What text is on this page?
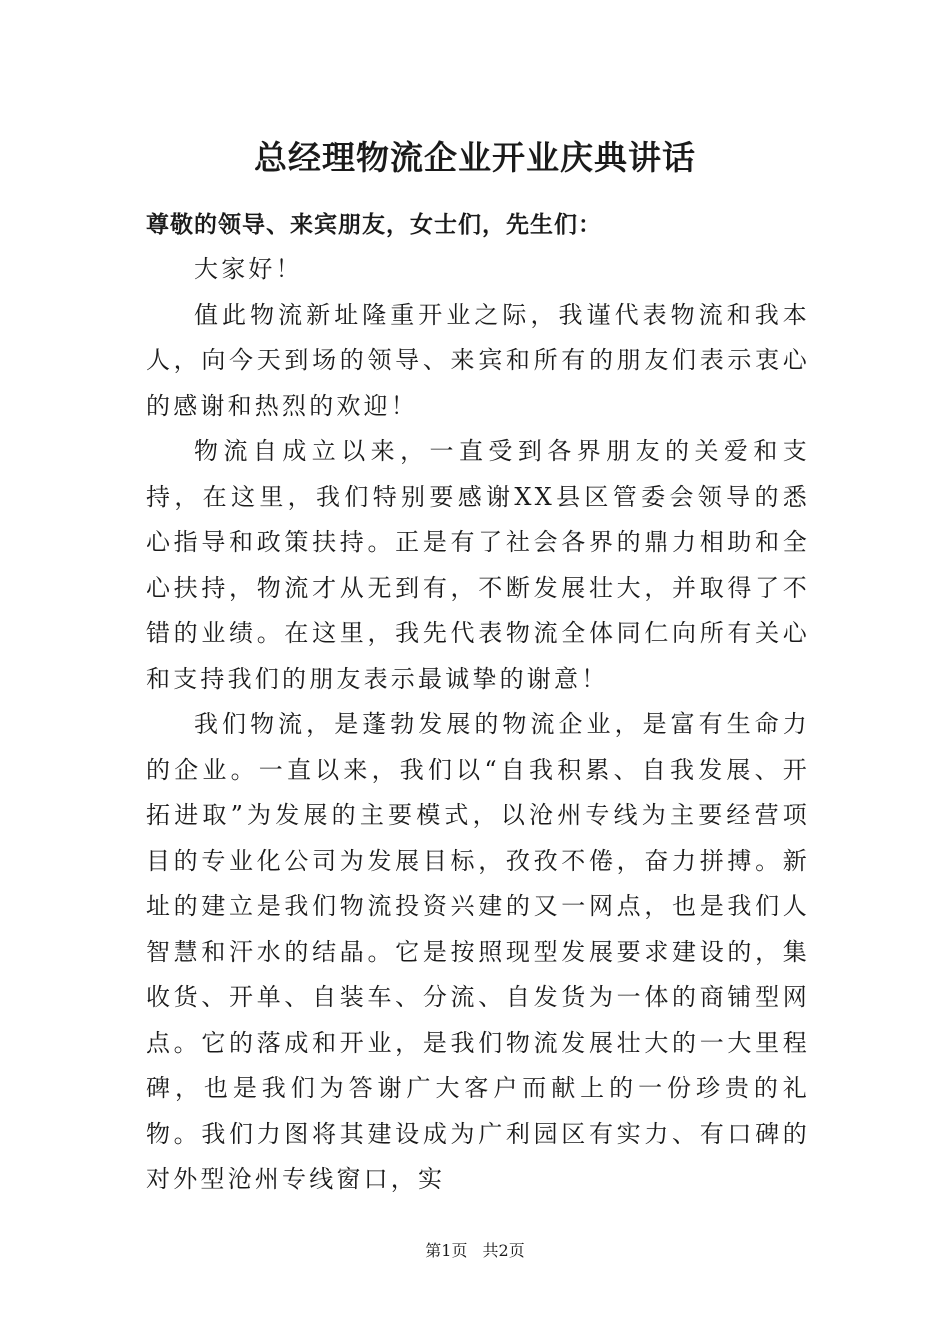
总经理物流企业开业庆典讲话

尊敬的领导、来宾朋友，女士们，先生们：

大家好！

值此物流新址隆重开业之际，我谨代表物流和我本人，向今天到场的领导、来宾和所有的朋友们表示衷心的感谢和热烈的欢迎！

物流自成立以来，一直受到各界朋友的关爱和支持，在这里，我们特别要感谢XX县区管委会领导的悉心指导和政策扶持。正是有了社会各界的鼎力相助和全心扶持，物流才从无到有，不断发展壮大，并取得了不错的业绩。在这里，我先代表物流全体同仁向所有关心和支持我们的朋友表示最诚挚的谢意！

我们物流，是蓬勃发展的物流企业，是富有生命力的企业。一直以来，我们以“自我积累、自我发展、开拓进取”为发展的主要模式，以沧州专线为主要经营项目的专业化公司为发展目标，孜孜不倦，奋力拼搏。新址的建立是我们物流投资兴建的又一网点，也是我们人智慧和汗水的结晶。它是按照现型发展要求建设的，集收货、开单、自装车、分流、自发货为一体的商铺型网点。它的落成和开业，是我们物流发展壮大的一大里程碑，也是我们为答谢广大客户而献上的一份珍贵的礼物。我们力图将其建设成为广利园区有实力、有口碑的对外型沧州专线窗口，实

第1页 共2页
